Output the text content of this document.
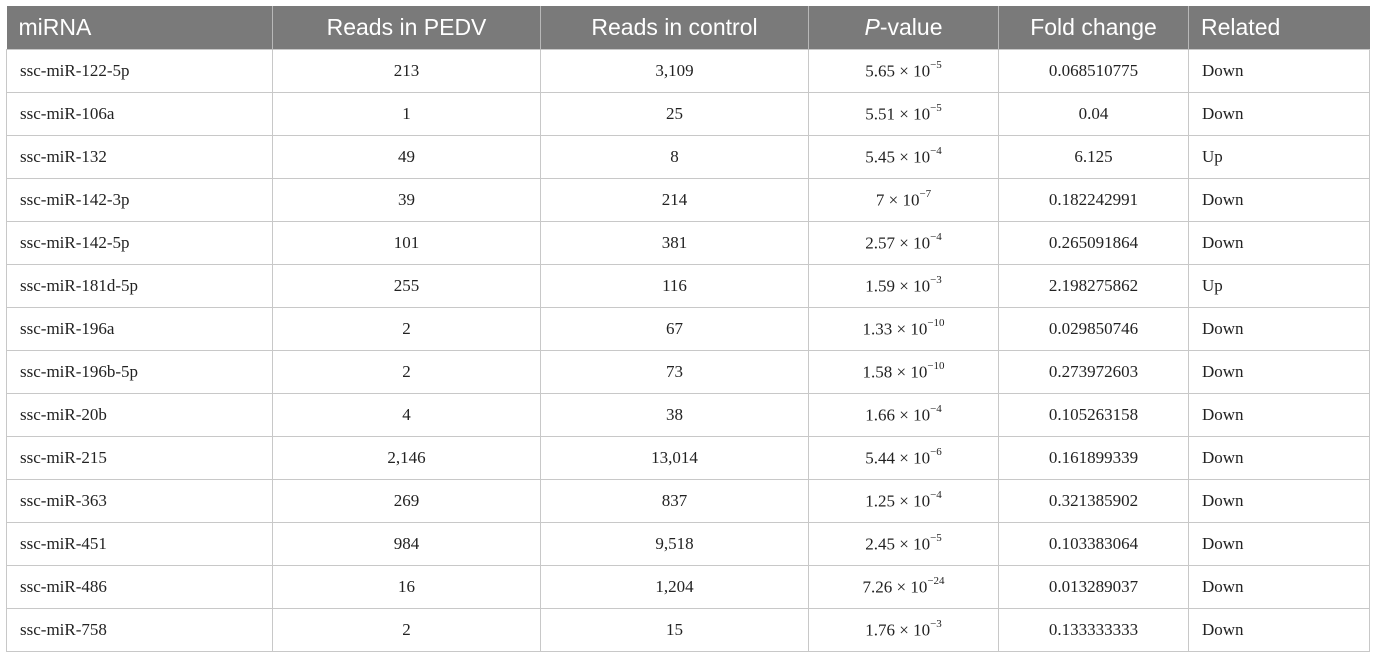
miRNA	Reads in PEDV	Reads in control	P-value	Fold change	Related
ssc-miR-122-5p	213	3,109	$5.65 \times 10^{-5}$	0.068510775	Down
ssc-miR-106a	1	25	$5.51 \times 10^{-5}$	0.04	Down
ssc-miR-132	49	8	$5.45 \times 10^{-4}$	6.125	Up
ssc-miR-142-3p	39	214	$7 \times 10^{-7}$	0.182242991	Down
ssc-miR-142-5p	101	381	$2.57 \times 10^{-4}$	0.265091864	Down
ssc-miR-181d-5p	255	116	$1.59 \times 10^{-3}$	2.198275862	Up
ssc-miR-196a	2	67	$1.33 \times 10^{-10}$	0.029850746	Down
ssc-miR-196b-5p	2	73	$1.58 \times 10^{-10}$	0.273972603	Down
ssc-miR-20b	4	38	$1.66 \times 10^{-4}$	0.105263158	Down
ssc-miR-215	2,146	13,014	$5.44 \times 10^{-6}$	0.161899339	Down
ssc-miR-363	269	837	$1.25 \times 10^{-4}$	0.321385902	Down
ssc-miR-451	984	9,518	$2.45 \times 10^{-5}$	0.103383064	Down
ssc-miR-486	16	1,204	$7.26 \times 10^{-24}$	0.013289037	Down
ssc-miR-758	2	15	$1.76 \times 10^{-3}$	0.133333333	Down
